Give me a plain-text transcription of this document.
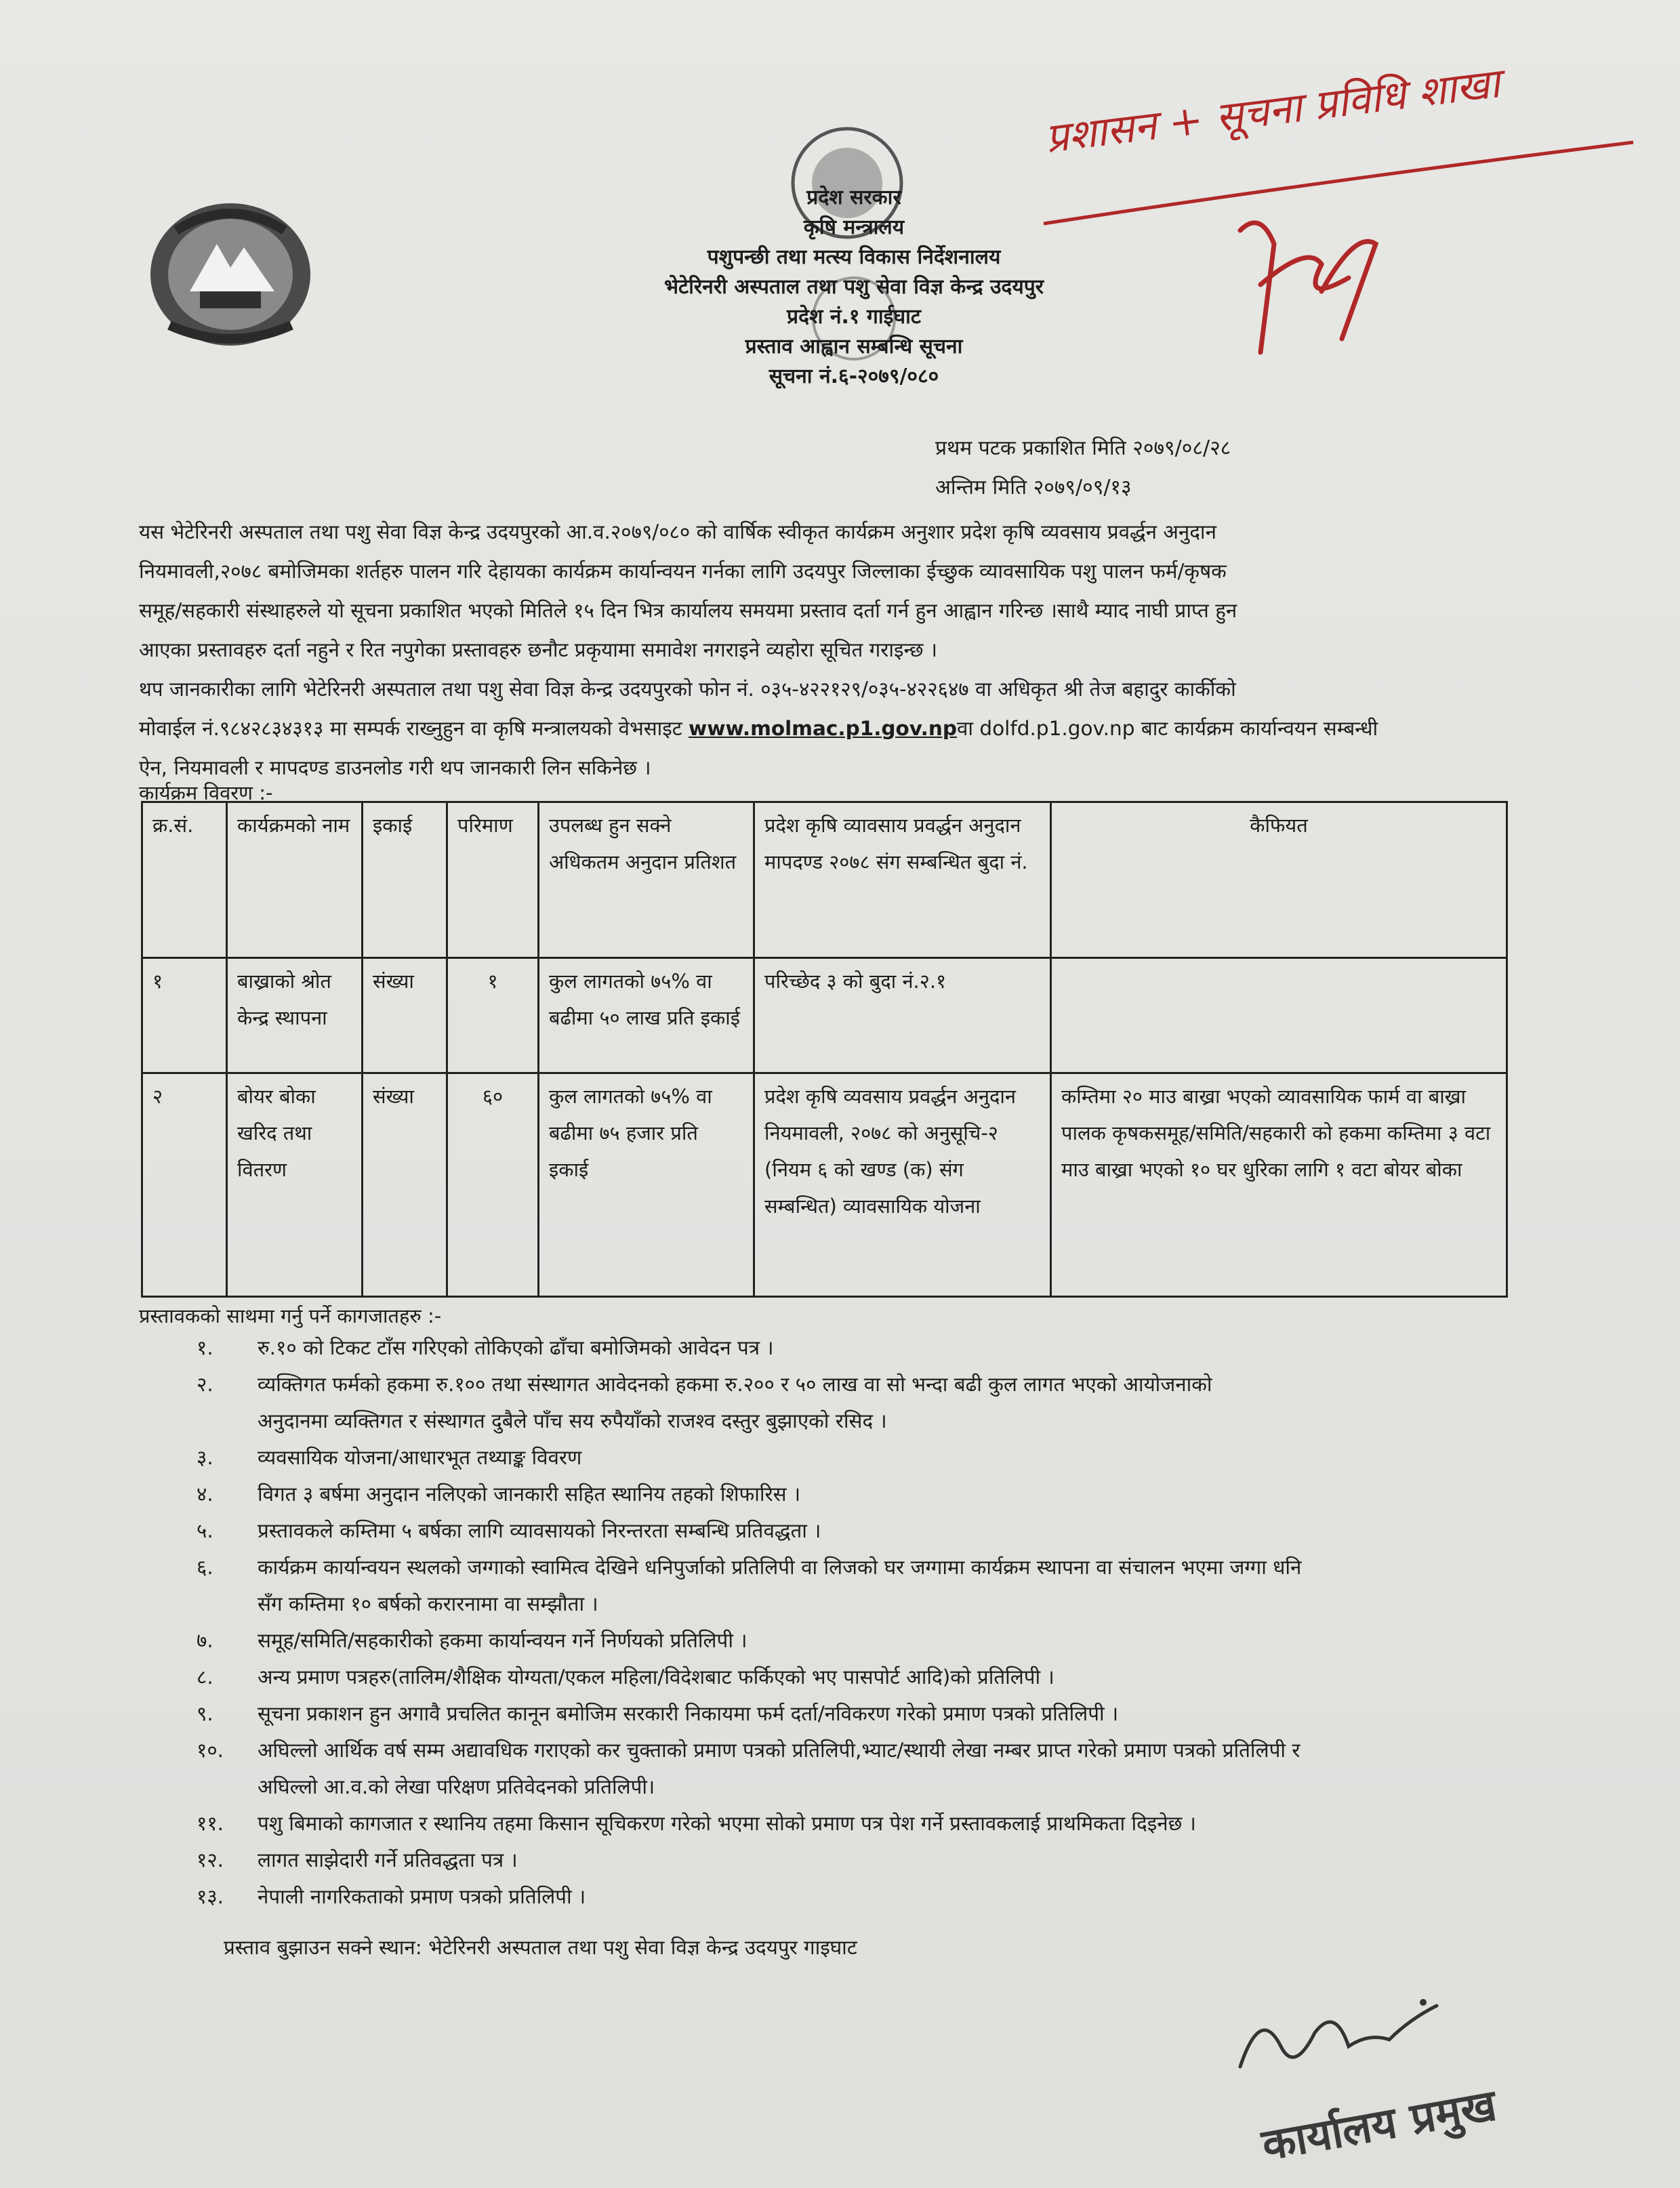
प्रदेश सरकार
कृषि मन्त्रालय
पशुपन्छी तथा मत्स्य विकास निर्देशनालय
भेटेरिनरी अस्पताल तथा पशु सेवा विज्ञ केन्द्र उदयपुर
प्रदेश नं.१ गाईघाट
प्रस्ताव आह्वान सम्बन्धि सूचना
सूचना नं.६-२०७९/०८०
प्रथम पटक प्रकाशित मिति २०७९/०८/२८
अन्तिम मिति २०७९/०९/१३
यस भेटेरिनरी अस्पताल तथा पशु सेवा विज्ञ केन्द्र उदयपुरको आ.व.२०७९/०८० को वार्षिक स्वीकृत कार्यक्रम अनुशार प्रदेश कृषि व्यवसाय प्रवर्द्धन अनुदान
नियमावली,२०७८ बमोजिमका शर्तहरु पालन गरि देहायका कार्यक्रम कार्यान्वयन गर्नका लागि उदयपुर जिल्लाका ईच्छुक व्यावसायिक पशु पालन फर्म/कृषक
समूह/सहकारी संस्थाहरुले यो सूचना प्रकाशित भएको मितिले १५ दिन भित्र कार्यालय समयमा प्रस्ताव दर्ता गर्न हुन आह्वान गरिन्छ ।साथै म्याद नाघी प्राप्त हुन
आएका प्रस्तावहरु दर्ता नहुने र रित नपुगेका प्रस्तावहरु छनौट प्रकृयामा समावेश नगराइने व्यहोरा सूचित गराइन्छ ।
थप जानकारीका लागि भेटेरिनरी अस्पताल तथा पशु सेवा विज्ञ केन्द्र उदयपुरको फोन नं. ०३५-४२२१२९/०३५-४२२६४७ वा अधिकृत श्री तेज बहादुर कार्कीको
मोवाईल नं.९८४२८३४३१३ मा सम्पर्क राख्नुहुन वा कृषि मन्त्रालयको वेभसाइट www.molmac.p1.gov.npवा dolfd.p1.gov.np बाट कार्यक्रम कार्यान्वयन सम्बन्धी
ऐन, नियमावली र मापदण्ड डाउनलोड गरी थप जानकारी लिन सकिनेछ ।
कार्यक्रम विवरण :-
क्र.सं.	कार्यक्रमको नाम	इकाई	परिमाण	उपलब्ध हुन सक्ने अधिकतम अनुदान प्रतिशत	प्रदेश कृषि व्यावसाय प्रवर्द्धन अनुदान मापदण्ड २०७८ संग सम्बन्धित बुदा नं.	कैफियत
१	बाख्राको श्रोत केन्द्र स्थापना	संख्या	१	कुल लागतको ७५% वा बढीमा ५० लाख प्रति इकाई	परिच्छेद ३ को बुदा नं.२.१	
२	बोयर बोका खरिद तथा वितरण	संख्या	६०	कुल लागतको ७५% वा बढीमा ७५ हजार प्रति इकाई	प्रदेश कृषि व्यवसाय प्रवर्द्धन अनुदान नियमावली, २०७८ को अनुसूचि-२ (नियम ६ को खण्ड (क) संग सम्बन्धित) व्यावसायिक योजना	कम्तिमा २० माउ बाख्रा भएको व्यावसायिक फार्म वा बाख्रा पालक कृषकसमूह/समिति/सहकारी को हकमा कम्तिमा ३ वटा माउ बाख्रा भएको १० घर धुरिका लागि १ वटा बोयर बोका
प्रस्तावकको साथमा गर्नु पर्ने कागजातहरु :-
१. रु.१० को टिकट टाँस गरिएको तोकिएको ढाँचा बमोजिमको आवेदन पत्र ।
२. व्यक्तिगत फर्मको हकमा रु.१०० तथा संस्थागत आवेदनको हकमा रु.२०० र ५० लाख वा सो भन्दा बढी कुल लागत भएको आयोजनाको
अनुदानमा व्यक्तिगत र संस्थागत दुबैले पाँच सय रुपैयाँको राजश्व दस्तुर बुझाएको रसिद ।
३. व्यवसायिक योजना/आधारभूत तथ्याङ्क विवरण
४. विगत ३ बर्षमा अनुदान नलिएको जानकारी सहित स्थानिय तहको शिफारिस ।
५. प्रस्तावकले कम्तिमा ५ बर्षका लागि व्यावसायको निरन्तरता सम्बन्धि प्रतिवद्धता ।
६. कार्यक्रम कार्यान्वयन स्थलको जग्गाको स्वामित्व देखिने धनिपुर्जाको प्रतिलिपी वा लिजको घर जग्गामा कार्यक्रम स्थापना वा संचालन भएमा जग्गा धनि
सँग कम्तिमा १० बर्षको करारनामा वा सम्झौता ।
७. समूह/समिति/सहकारीको हकमा कार्यान्वयन गर्ने निर्णयको प्रतिलिपी ।
८. अन्य प्रमाण पत्रहरु(तालिम/शैक्षिक योग्यता/एकल महिला/विदेशबाट फर्किएको भए पासपोर्ट आदि)को प्रतिलिपी ।
९. सूचना प्रकाशन हुन अगावै प्रचलित कानून बमोजिम सरकारी निकायमा फर्म दर्ता/नविकरण गरेको प्रमाण पत्रको प्रतिलिपी ।
१०. अघिल्लो आर्थिक वर्ष सम्म अद्यावधिक गराएको कर चुक्ताको प्रमाण पत्रको प्रतिलिपी,भ्याट/स्थायी लेखा नम्बर प्राप्त गरेको प्रमाण पत्रको प्रतिलिपी र
अघिल्लो आ.व.को लेखा परिक्षण प्रतिवेदनको प्रतिलिपी।
११. पशु बिमाको कागजात र स्थानिय तहमा किसान सूचिकरण गरेको भएमा सोको प्रमाण पत्र पेश गर्ने प्रस्तावकलाई प्राथमिकता दिइनेछ ।
१२. लागत साझेदारी गर्ने प्रतिवद्धता पत्र ।
१३. नेपाली नागरिकताको प्रमाण पत्रको प्रतिलिपी ।
प्रस्ताव बुझाउन सक्ने स्थान: भेटेरिनरी अस्पताल तथा पशु सेवा विज्ञ केन्द्र उदयपुर गाइघाट
प्रशासन + सूचना प्रविधि शाखा
कार्यालय प्रमुख
